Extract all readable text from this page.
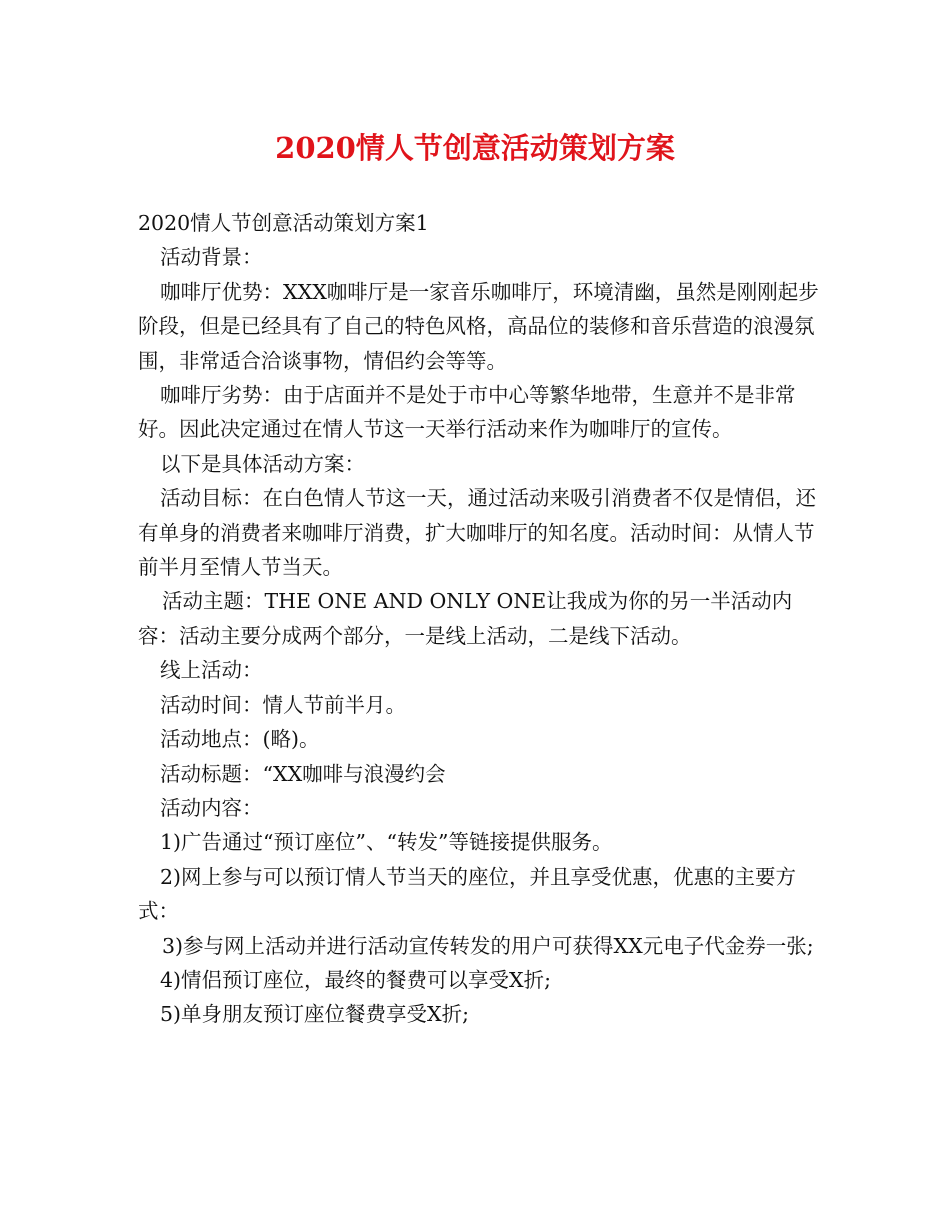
2020情人节创意活动策划方案

2020情人节创意活动策划方案1

活动背景：

咖啡厅优势：XXX咖啡厅是一家音乐咖啡厅，环境清幽，虽然是刚刚起步阶段，但是已经具有了自己的特色风格，高品位的装修和音乐营造的浪漫氛围，非常适合洽谈事物，情侣约会等等。

咖啡厅劣势：由于店面并不是处于市中心等繁华地带，生意并不是非常好。因此决定通过在情人节这一天举行活动来作为咖啡厅的宣传。

以下是具体活动方案：

活动目标：在白色情人节这一天，通过活动来吸引消费者不仅是情侣，还有单身的消费者来咖啡厅消费，扩大咖啡厅的知名度。活动时间：从情人节前半月至情人节当天。

活动主题：THE ONE AND ONLY ONE让我成为你的另一半活动内容：活动主要分成两个部分，一是线上活动，二是线下活动。

线上活动：

活动时间：情人节前半月。

活动地点：(略)。

活动标题：“XX咖啡与浪漫约会

活动内容：

1)广告通过“预订座位”、“转发”等链接提供服务。

2)网上参与可以预订情人节当天的座位，并且享受优惠，优惠的主要方式：

3)参与网上活动并进行活动宣传转发的用户可获得XX元电子代金券一张;

4)情侣预订座位，最终的餐费可以享受X折;

5)单身朋友预订座位餐费享受X折;
